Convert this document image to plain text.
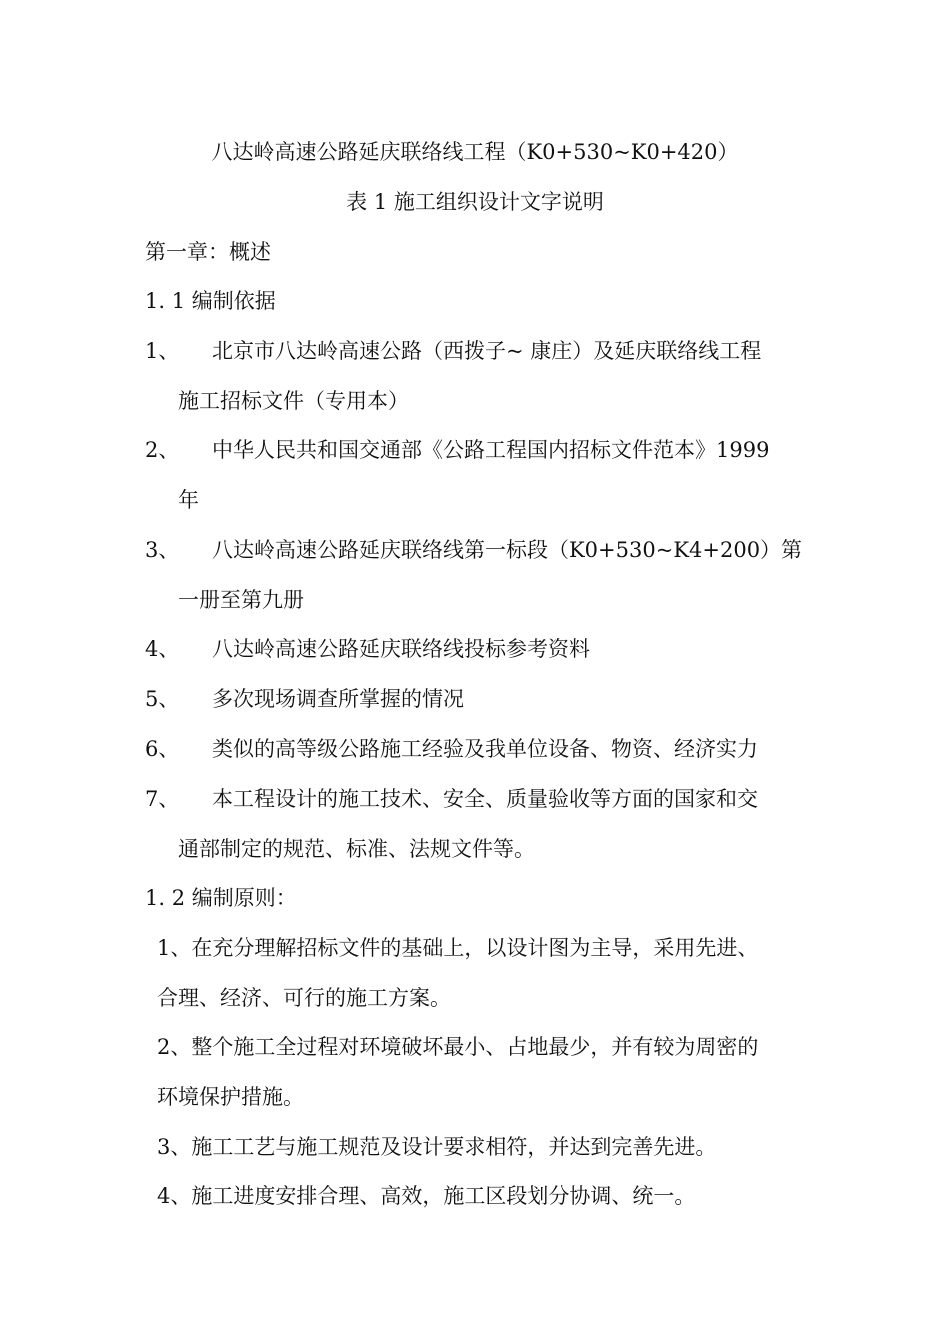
八达岭高速公路延庆联络线工程（K0+530~K0+420）
表 1 施工组织设计文字说明
第一章：概述
1. 1 编制依据
1、 北京市八达岭高速公路（西拨子~ 康庄）及延庆联络线工程
施工招标文件（专用本）
2、 中华人民共和国交通部《公路工程国内招标文件范本》1999
年
3、 八达岭高速公路延庆联络线第一标段（K0+530~K4+200）第
一册至第九册
4、 八达岭高速公路延庆联络线投标参考资料
5、 多次现场调查所掌握的情况
6、 类似的高等级公路施工经验及我单位设备、物资、经济实力
7、 本工程设计的施工技术、安全、质量验收等方面的国家和交
通部制定的规范、标准、法规文件等。
1. 2 编制原则：
1、在充分理解招标文件的基础上，以设计图为主导，采用先进、
合理、经济、可行的施工方案。
2、整个施工全过程对环境破坏最小、占地最少，并有较为周密的
环境保护措施。
3、施工工艺与施工规范及设计要求相符，并达到完善先进。
4、施工进度安排合理、高效，施工区段划分协调、统一。
